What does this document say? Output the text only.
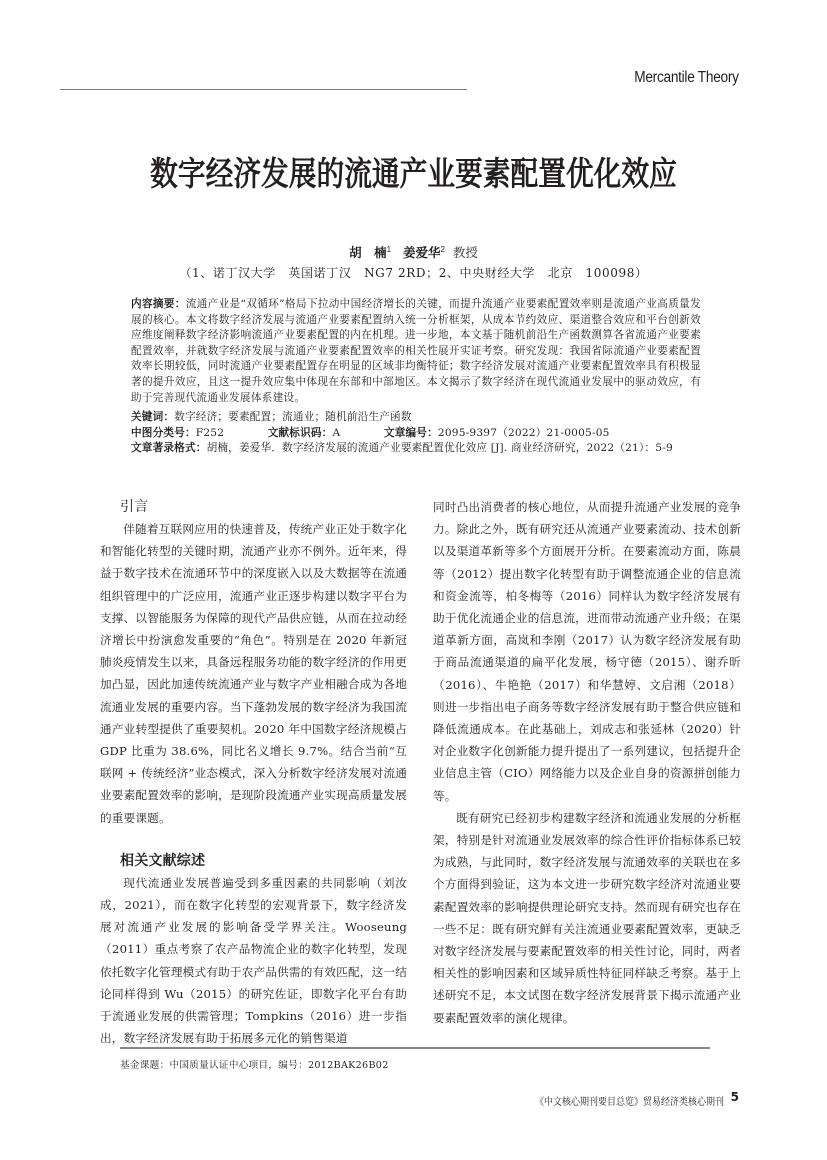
Mercantile Theory
数字经济发展的流通产业要素配置优化效应
胡　楠$^1$ 姜爱华$^2$ 教授
（1、诺丁汉大学　英国诺丁汉　NG7 2RD；2、中央财经大学　北京　100098）
内容摘要：流通产业是“双循环”格局下拉动中国经济增长的关键，而提升流通产业要素配置效率则是流通产业高质量发展的核心。本文将数字经济发展与流通产业要素配置纳入统一分析框架，从成本节约效应、渠道整合效应和平台创新效应维度阐释数字经济影响流通产业要素配置的内在机理。进一步地，本文基于随机前沿生产函数测算各省流通产业要素配置效率，并就数字经济发展与流通产业要素配置效率的相关性展开实证考察。研究发现：我国省际流通产业要素配置效率长期较低，同时流通产业要素配置存在明显的区域非均衡特征；数字经济发展对流通产业要素配置效率具有积极显著的提升效应，且这一提升效应集中体现在东部和中部地区。本文揭示了数字经济在现代流通业发展中的驱动效应，有助于完善现代流通业发展体系建设。
关键词：数字经济；要素配置；流通业；随机前沿生产函数
中图分类号：F252	文献标识码：A	文章编号：2095-9397（2022）21-0005-05
文章著录格式：胡楠，姜爱华．数字经济发展的流通产业要素配置优化效应 [J]. 商业经济研究，2022（21）：5-9
引言

伴随着互联网应用的快速普及，传统产业正处于数字化和智能化转型的关键时期，流通产业亦不例外。近年来，得益于数字技术在流通环节中的深度嵌入以及大数据等在流通组织管理中的广泛应用，流通产业正逐步构建以数字平台为支撑、以智能服务为保障的现代产品供应链，从而在拉动经济增长中扮演愈发重要的“角色”。特别是在 2020 年新冠肺炎疫情发生以来，具备远程服务功能的数字经济的作用更加凸显，因此加速传统流通产业与数字产业相融合成为各地流通业发展的重要内容。当下蓬勃发展的数字经济为我国流通产业转型提供了重要契机。2020 年中国数字经济规模占 GDP 比重为 38.6%，同比名义增长 9.7%。结合当前“互联网 + 传统经济”业态模式，深入分析数字经济发展对流通业要素配置效率的影响，是现阶段流通产业实现高质量发展的重要课题。

相关文献综述

现代流通业发展普遍受到多重因素的共同影响（刘汝成，2021），而在数字化转型的宏观背景下，数字经济发展对流通产业发展的影响备受学界关注。Wooseung（2011）重点考察了农产品物流企业的数字化转型，发现依托数字化管理模式有助于农产品供需的有效匹配，这一结论同样得到 Wu（2015）的研究佐证，即数字化平台有助于流通业发展的供需管理；Tompkins（2016）进一步指出，数字经济发展有助于拓展多元化的销售渠道

同时凸出消费者的核心地位，从而提升流通产业发展的竞争力。除此之外，既有研究还从流通产业要素流动、技术创新以及渠道革新等多个方面展开分析。在要素流动方面，陈晨等（2012）提出数字化转型有助于调整流通企业的信息流和资金流等，柏冬梅等（2016）同样认为数字经济发展有助于优化流通企业的信息流，进而带动流通产业升级；在渠道革新方面，高岚和李刚（2017）认为数字经济发展有助于商品流通渠道的扁平化发展，杨守德（2015）、谢乔昕（2016）、牛艳艳（2017）和华慧婷、文启湘（2018）则进一步指出电子商务等数字经济发展有助于整合供应链和降低流通成本。在此基础上，刘成志和张延林（2020）针对企业数字化创新能力提升提出了一系列建议，包括提升企业信息主管（CIO）网络能力以及企业自身的资源拼创能力等。

既有研究已经初步构建数字经济和流通业发展的分析框架，特别是针对流通业发展效率的综合性评价指标体系已较为成熟，与此同时，数字经济发展与流通效率的关联也在多个方面得到验证，这为本文进一步研究数字经济对流通业要素配置效率的影响提供理论研究支持。然而现有研究也存在一些不足：既有研究鲜有关注流通业要素配置效率，更缺乏对数字经济发展与要素配置效率的相关性讨论，同时，两者相关性的影响因素和区域异质性特征同样缺乏考察。基于上述研究不足，本文试图在数字经济发展背景下揭示流通产业要素配置效率的演化规律。

基金课题：中国质量认证中心项目，编号：2012BAK26B02
《中文核心期刊要目总览》贸易经济类核心期刊 5
